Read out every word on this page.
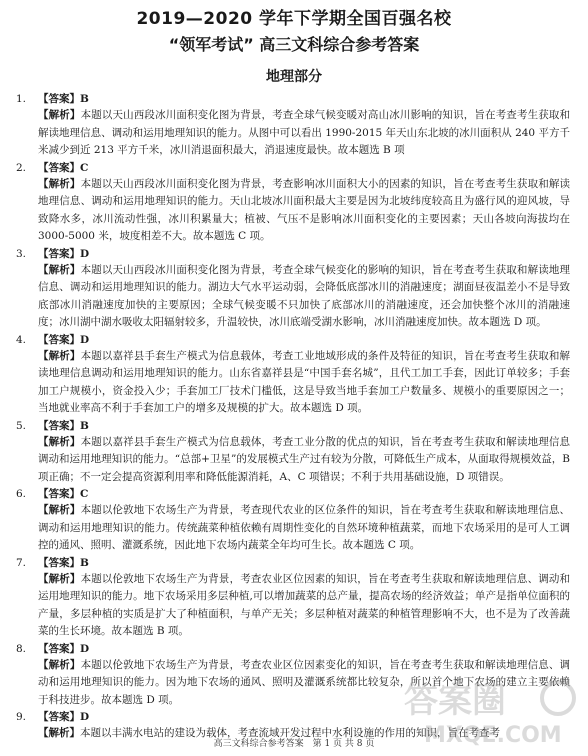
2019—2020 学年下学期全国百强名校
“领军考试” 高三文科综合参考答案
地理部分
1. 【答案】B

【解析】本题以天山西段冰川面积变化图为背景，考查全球气候变暖对高山冰川影响的知识，旨在考查考生获取和解读地理信息、调动和运用地理知识的能力。从图中可以看出 1990-2015 年天山东北坡的冰川面积从 240 平方千米减少到近 213 平方千米，冰川消退面积最大，消退速度最快。故本题选 B 项

2. 【答案】C

【解析】本题以天山西段冰川面积变化图为背景，考查影响冰川面积大小的因素的知识，旨在考查考生获取和解读地理信息、调动和运用地理知识的能力。天山北坡冰川面积最大主要是因为北坡纬度较高且为盛行风的迎风坡，导致降水多，冰川流动性强，冰川积累量大；植被、气压不是影响冰川面积变化的主要因素；天山各坡向海拔均在 3000-5000 米，坡度相差不大。故本题选 C 项。

3. 【答案】D

【解析】本题以天山西段冰川面积变化图为背景，考查全球气候变化的影响的知识，旨在考查考生获取和解读地理信息、调动和运用地理知识的能力。湖边大气水平运动弱，会降低底部冰川的消融速度；湖面昼夜温差小不是导致底部冰川消融速度加快的主要原因；全球气候变暖不只加快了底部冰川的消融速度，还会加快整个冰川的消融速度；冰川湖中湖水吸收太阳辐射较多，升温较快，冰川底端受湖水影响，冰川消融速度加快。故本题选 D 项。

4. 【答案】D

【解析】本题以嘉祥县手套生产模式为信息载体，考查工业地域形成的条件及特征的知识，旨在考查考生获取和解读地理信息调动和运用地理知识的能力。山东省嘉祥县是“中国手套名城”，且代工加工手套，因此订单较多；手套加工户规模小，资金投入少；手套加工厂技术门槛低，这是导致当地手套加工户数量多、规模小的重要原因之一；当地就业率高不利于手套加工户的增多及规模的扩大。故本题选 D 项。

5. 【答案】B

【解析】本题以嘉祥县手套生产模式为信息载体，考查工业分散的优点的知识，旨在考查考生获取和解读地理信息调动和运用地理知识的能力。“总部+卫星”的发展模式生产过有较为分散，可降低生产成本，从面取得规模效益，B 项正确；不一定会提高资源利用率和降低能源消耗，A、C 项错误；不利于共用基础设施，D 项错误。

6. 【答案】C

【解析】本题以伦敦地下农场生产为背景，考查现代农业的区位条件的知识，旨在考查考生获取和解读地理信息、调动和运用地理知识的能力。传统蔬菜种植依赖有周期性变化的自然环境种植蔬菜，而地下农场采用的是可人工调控的通风、照明、灌溉系统，因此地下农场内蔬菜全年均可生长。故本题选 C 项。

7. 【答案】B

【解析】本题以伦敦地下农场生产为背景，考查农业区位因素的知识，旨在考查考生获取和解读地理信息、调动和运用地理知识的能力。地下农场采用多层种植,可以增加蔬菜的总产量，提高农场的经济效益；单产是指单位面积的产量，多层种植的实质是扩大了种植面积，与单产无关；多层种植对蔬菜的种植管理影响不大，也不是为了改善蔬菜的生长环境。故本题选 B 项。

8. 【答案】D

【解析】本题以伦敦地下农场生产为背景，考查农业区位因素变化的知识，旨在考查考生获取和解读地理信息、调动和运用地理知识的能力。因为地下农场的通风、照明及灌溉系统都比较复杂，所以首个地下农场的建立主要依赖于科技进步。故本题选 D 项。

9. 【答案】D

【解析】本题以丰满水电站的建设为载体，考查流域开发过程中水利设施的作用的知识，旨在考查考

答案圈
MXQE.COM
高三文科综合参考答案　第 1 页 共 8 页
